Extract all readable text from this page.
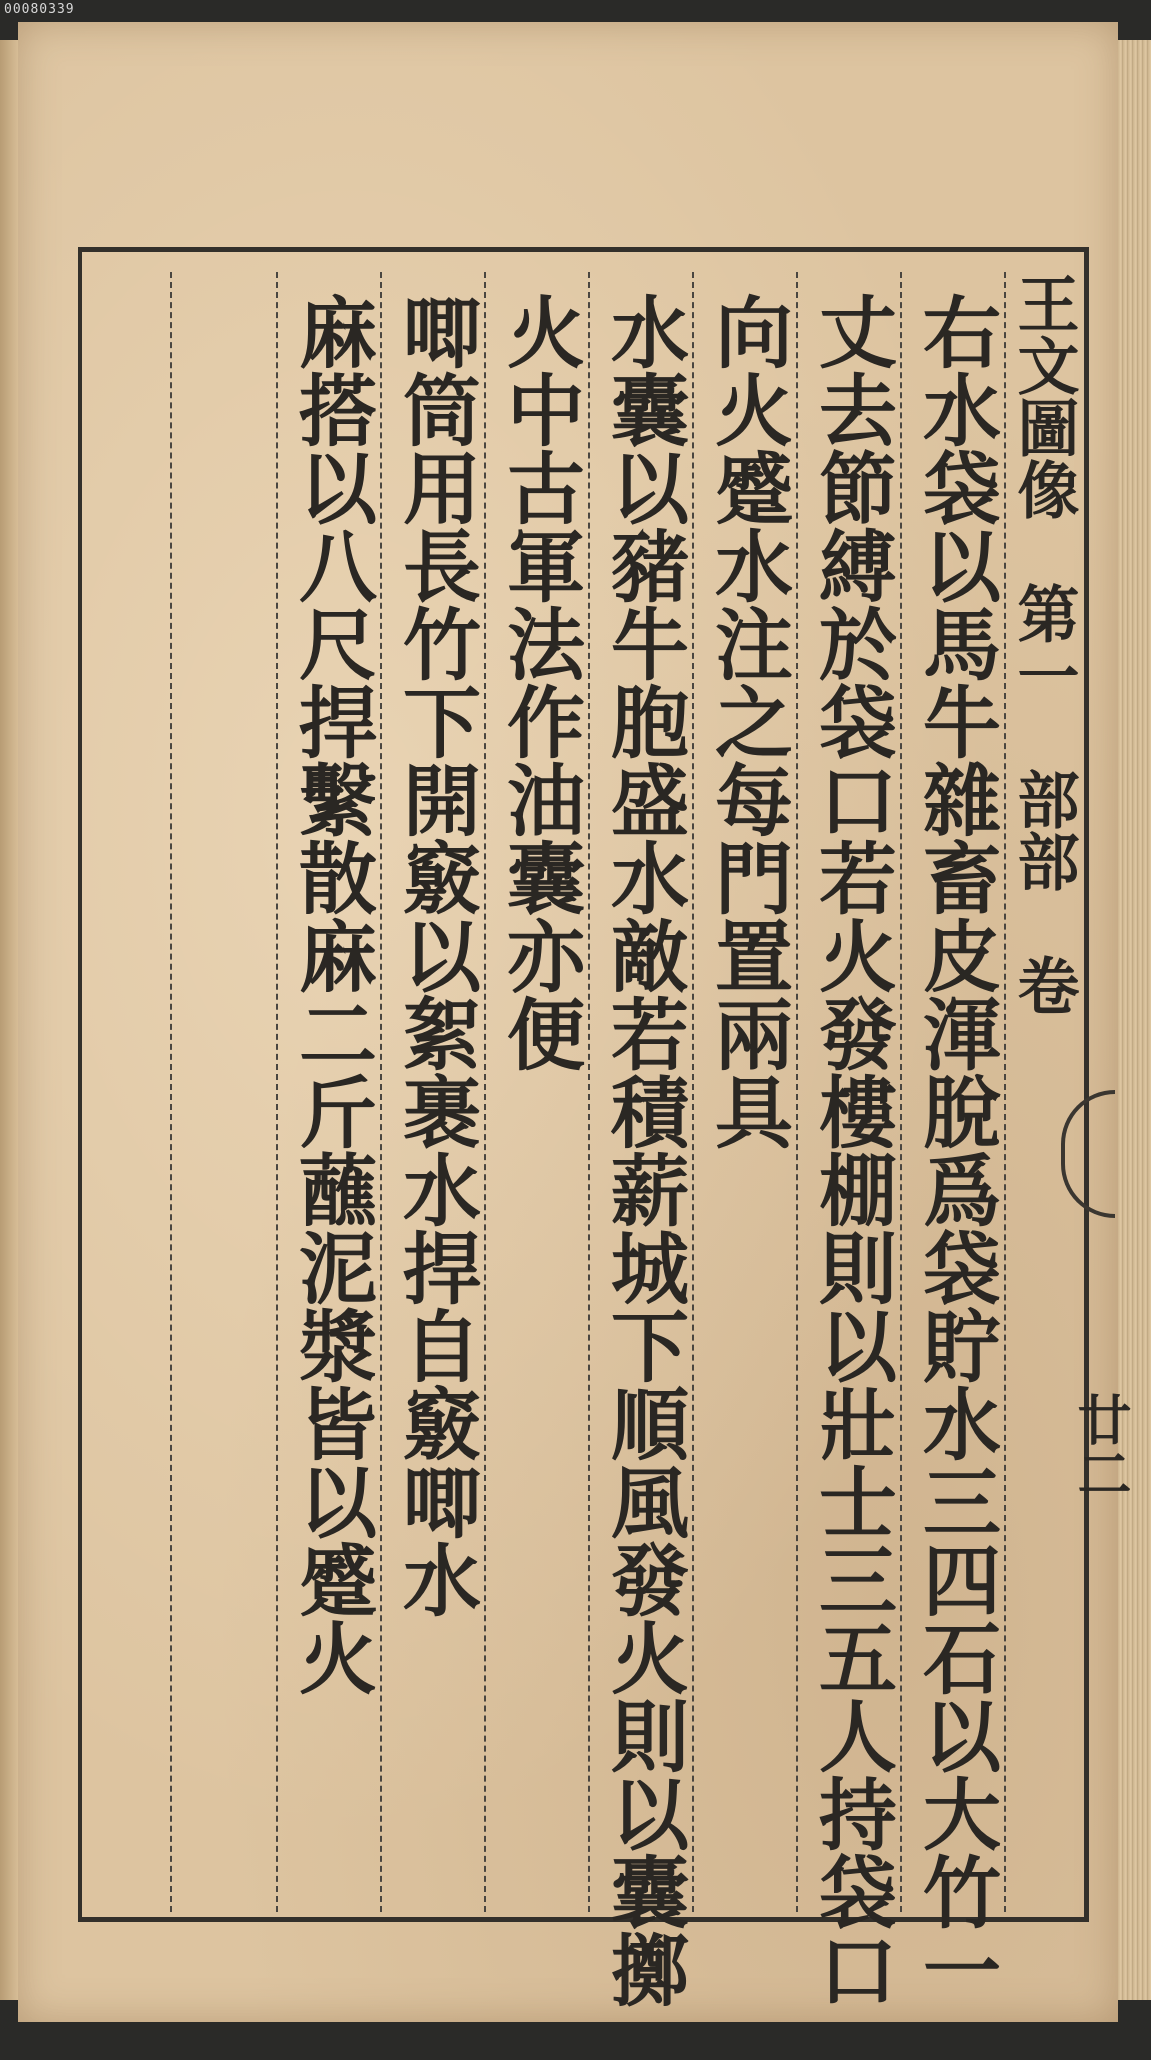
00080339
王文圖像　第一　部部　卷
右水袋以馬牛雜畜皮渾脫爲袋貯水三四石以大竹一
丈去節縛於袋口若火發樓棚則以壯士三五人持袋口
向火蹙水注之每門置兩具
水囊以豬牛胞盛水敵若積薪城下順風發火則以囊擲
火中古軍法作油囊亦便
唧筒用長竹下開竅以絮裹水捍自竅唧水
麻搭以八尺捍繫散麻二斤蘸泥漿皆以蹙火	廿二
